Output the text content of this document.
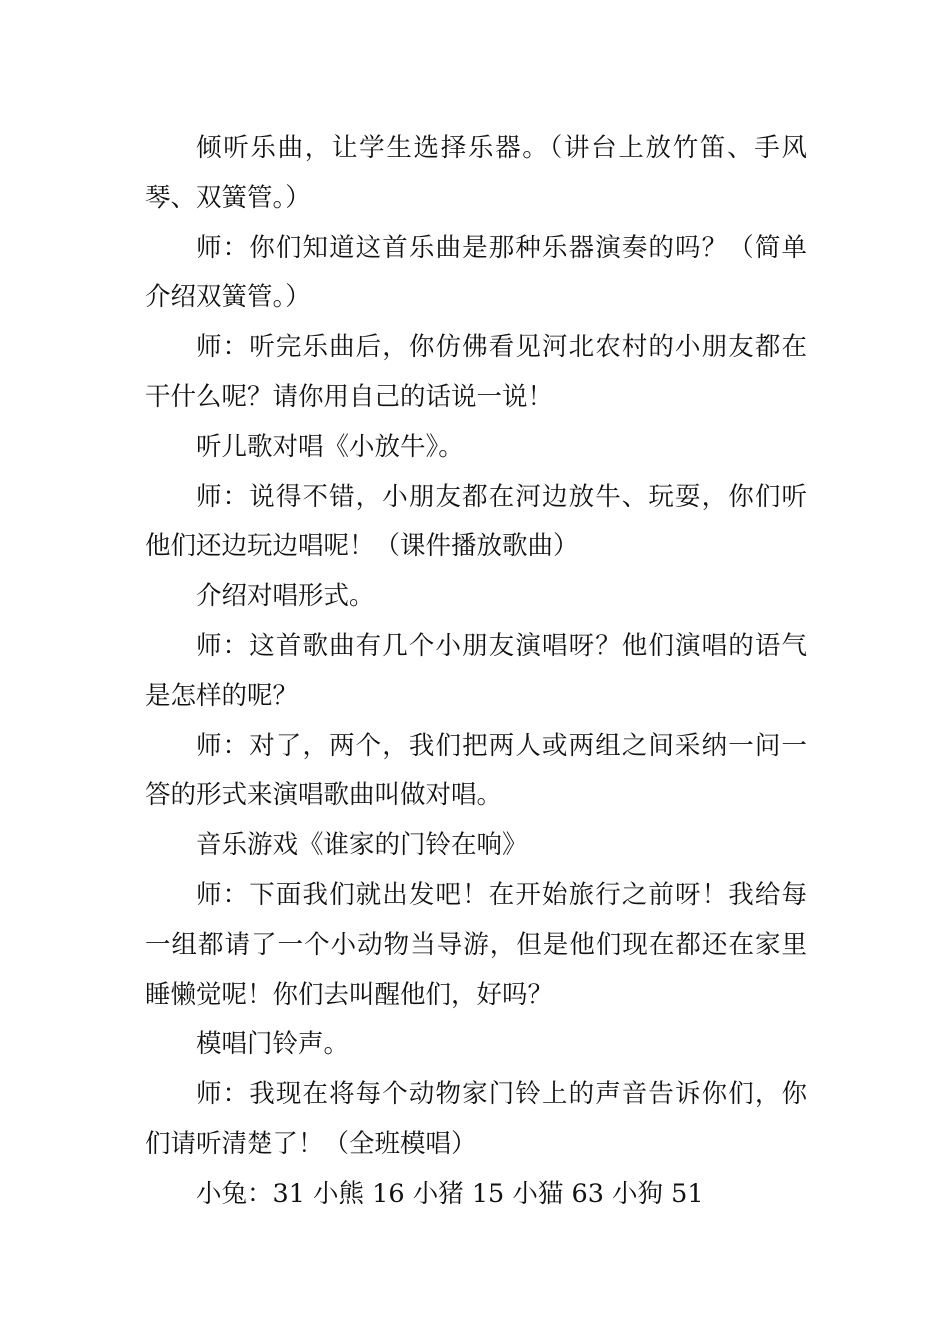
倾听乐曲，让学生选择乐器。（讲台上放竹笛、手风琴、双簧管。）

师：你们知道这首乐曲是那种乐器演奏的吗？（简单介绍双簧管。）

师：听完乐曲后，你仿佛看见河北农村的小朋友都在干什么呢？请你用自己的话说一说！

听儿歌对唱《小放牛》。

师：说得不错，小朋友都在河边放牛、玩耍，你们听他们还边玩边唱呢！（课件播放歌曲）

介绍对唱形式。

师：这首歌曲有几个小朋友演唱呀？他们演唱的语气是怎样的呢？

师：对了，两个，我们把两人或两组之间采纳一问一答的形式来演唱歌曲叫做对唱。

音乐游戏《谁家的门铃在响》

师：下面我们就出发吧！在开始旅行之前呀！我给每一组都请了一个小动物当导游，但是他们现在都还在家里睡懒觉呢！你们去叫醒他们，好吗？

模唱门铃声。

师：我现在将每个动物家门铃上的声音告诉你们，你们请听清楚了！（全班模唱）

小兔：31 小熊 16 小猪 15 小猫 63 小狗 51
